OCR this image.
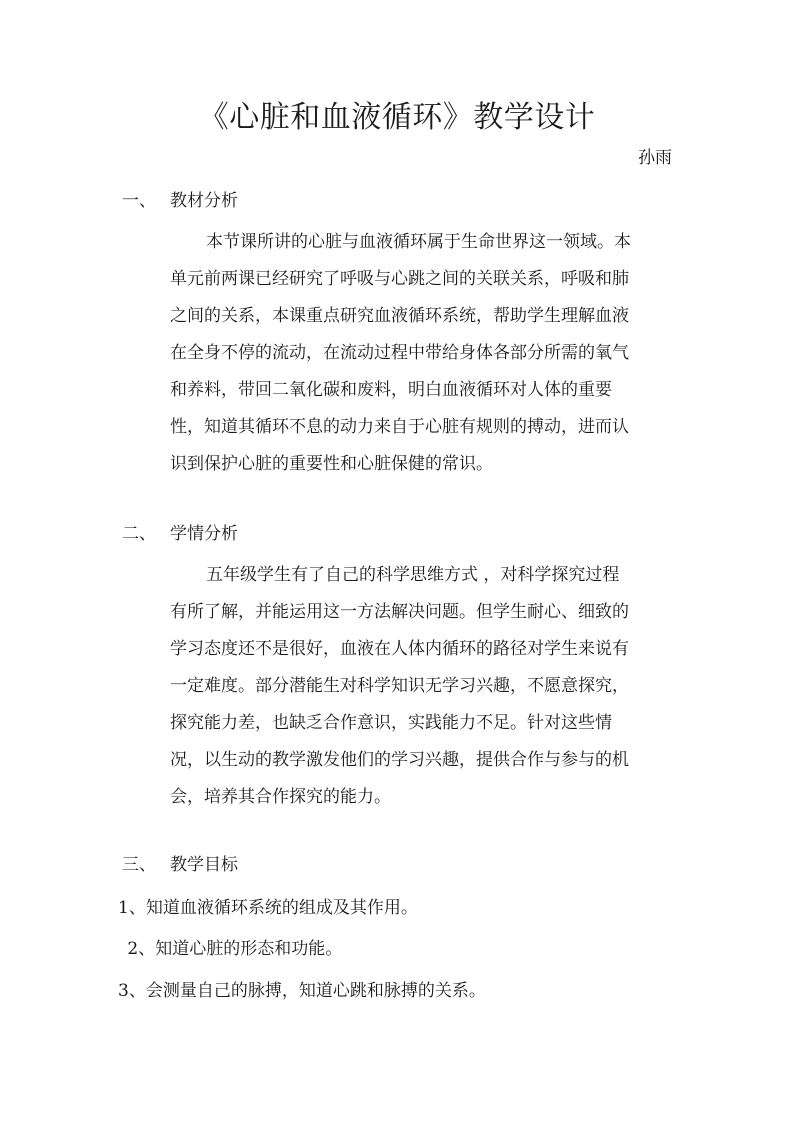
《心脏和血液循环》教学设计
孙雨
一、 教材分析
本节课所讲的心脏与血液循环属于生命世界这一领域。本
单元前两课已经研究了呼吸与心跳之间的关联关系，呼吸和肺
之间的关系，本课重点研究血液循环系统，帮助学生理解血液
在全身不停的流动，在流动过程中带给身体各部分所需的氧气
和养料，带回二氧化碳和废料，明白血液循环对人体的重要
性，知道其循环不息的动力来自于心脏有规则的搏动，进而认
识到保护心脏的重要性和心脏保健的常识。
二、 学情分析
五年级学生有了自己的科学思维方式 ，对科学探究过程
有所了解，并能运用这一方法解决问题。但学生耐心、细致的
学习态度还不是很好，血液在人体内循环的路径对学生来说有
一定难度。部分潜能生对科学知识无学习兴趣，不愿意探究，
探究能力差，也缺乏合作意识，实践能力不足。针对这些情
况，以生动的教学激发他们的学习兴趣，提供合作与参与的机
会，培养其合作探究的能力。
三、 教学目标
1、知道血液循环系统的组成及其作用。
2、知道心脏的形态和功能。
3、会测量自己的脉搏，知道心跳和脉搏的关系。
